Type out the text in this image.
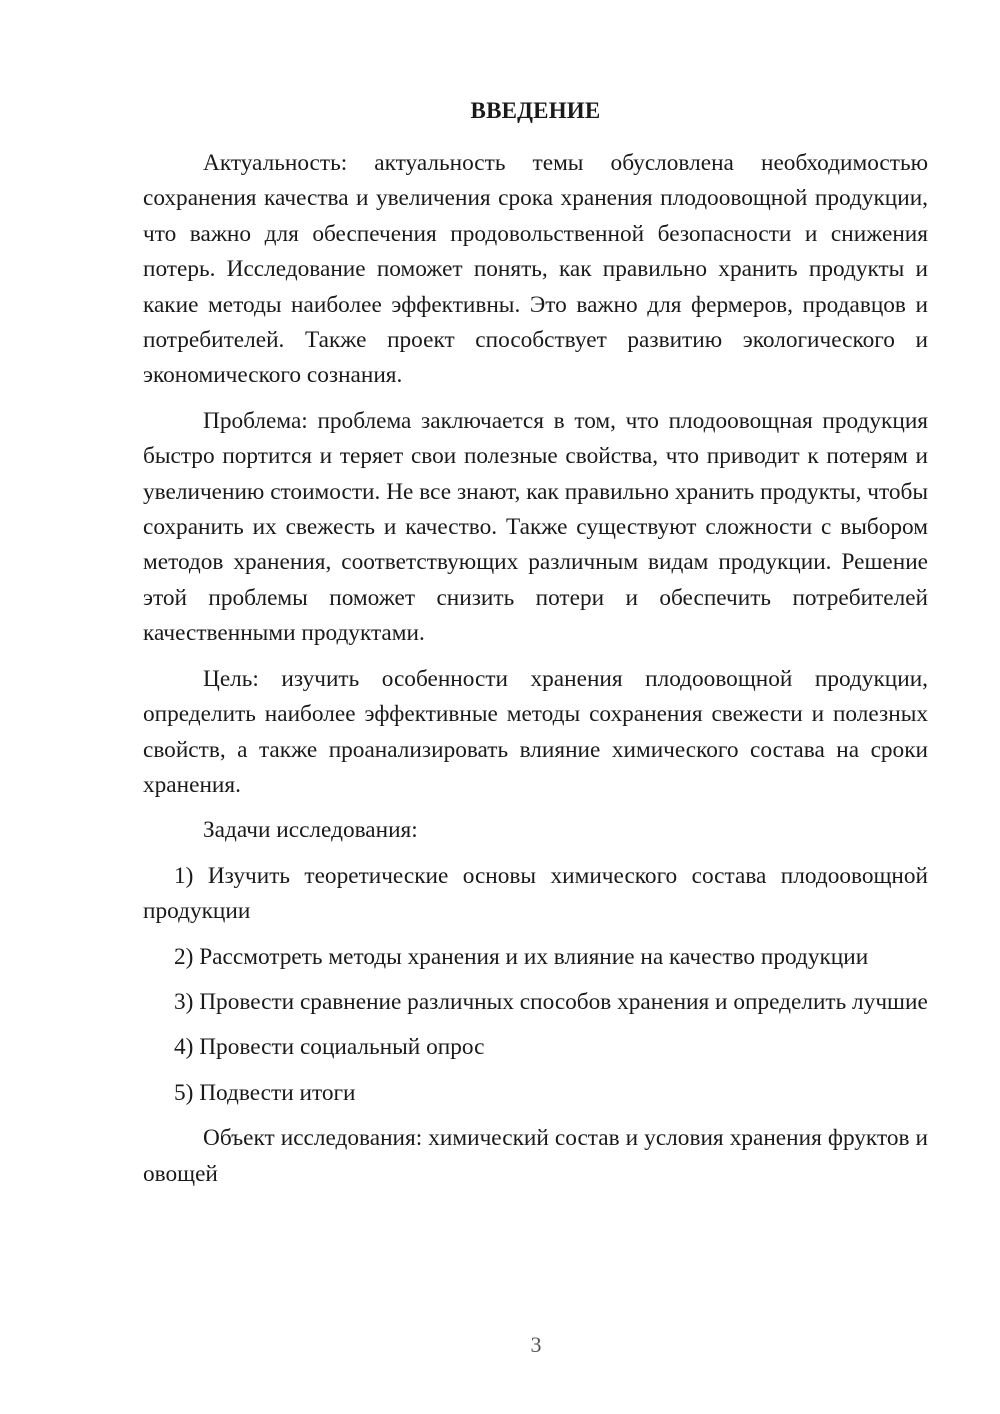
ВВЕДЕНИЕ

Актуальность: актуальность темы обусловлена необходимостью сохранения качества и увеличения срока хранения плодоовощной продукции, что важно для обеспечения продовольственной безопасности и снижения потерь. Исследование поможет понять, как правильно хранить продукты и какие методы наиболее эффективны. Это важно для фермеров, продавцов и потребителей. Также проект способствует развитию экологического и экономического сознания.

Проблема: проблема заключается в том, что плодоовощная продукция быстро портится и теряет свои полезные свойства, что приводит к потерям и увеличению стоимости. Не все знают, как правильно хранить продукты, чтобы сохранить их свежесть и качество. Также существуют сложности с выбором методов хранения, соответствующих различным видам продукции. Решение этой проблемы поможет снизить потери и обеспечить потребителей качественными продуктами.

Цель: изучить особенности хранения плодоовощной продукции, определить наиболее эффективные методы сохранения свежести и полезных свойств, а также проанализировать влияние химического состава на сроки хранения.

Задачи исследования:

1) Изучить теоретические основы химического состава плодоовощной продукции

2) Рассмотреть методы хранения и их влияние на качество продукции

3) Провести сравнение различных способов хранения и определить лучшие

4) Провести социальный опрос

5) Подвести итоги

Объект исследования: химический состав и условия хранения фруктов и овощей

3
